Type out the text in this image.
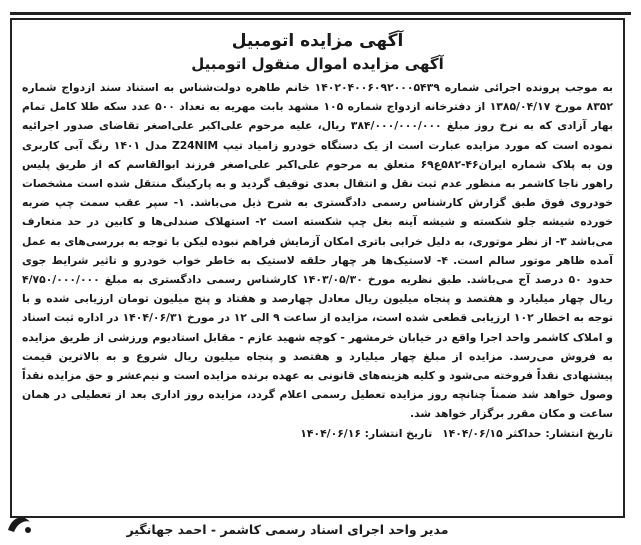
آگهی مزایده اتومبیل
آگهی مزایده اموال منقول اتومبیل

به موجب پرونده اجرائی شماره ۱۴۰۲۰۴۰۰۶۰۹۲۰۰۰۵۴۳۹ خانم طاهره دولت‌شناس به استناد سند ازدواج شماره ۸۳۵۲ مورخ ۱۳۸۵/۰۴/۱۷ از دفترخانه ازدواج شماره ۱۰۵ مشهد بابت مهریه به تعداد ۵۰۰ عدد سکه طلا کامل تمام بهار آزادی که به نرخ روز مبلغ ۳۸۴/۰۰۰/۰۰۰/۰۰۰ ریال، علیه مرحوم علی‌اکبر علی‌اصغر تقاضای صدور اجرائیه نموده است که مورد مزایده عبارت است از یک دستگاه خودرو زامیاد تیپ Z24NIM مدل ۱۴۰۱ رنگ آبی کاربری ون به پلاک شماره ایران۴۶-۵۸۲ع۶۹ متعلق به مرحوم علی‌اکبر علی‌اصغر فرزند ابوالقاسم که از طریق پلیس راهور ناجا کاشمر به منظور عدم ثبت نقل و انتقال بعدی توقیف گردید و به پارکینگ منتقل شده است مشخصات خودروی فوق طبق گزارش کارشناس رسمی دادگستری به شرح ذیل می‌باشد. ۱- سپر عقب سمت چپ ضربه خورده شیشه جلو شکسته و شیشه آینه بغل چپ شکسته است ۲- استهلاک صندلی‌ها و کابین در حد متعارف می‌باشد ۳- از نظر موتوری، به دلیل خرابی باتری امکان آزمایش فراهم نبوده لیکن با توجه به بررسی‌های به عمل آمده ظاهر موتور سالم است. ۴- لاستیک‌ها هر چهار حلقه لاستیک به خاطر خواب خودرو و تاثیر شرایط جوی حدود ۵۰ درصد آج می‌باشد. طبق نظریه مورخ ۱۴۰۳/۰۵/۳۰ کارشناس رسمی دادگستری به مبلغ ۴/۷۵۰/۰۰۰/۰۰۰ ریال چهار میلیارد و هفتصد و پنجاه میلیون ریال معادل چهارصد و هفتاد و پنج میلیون تومان ارزیابی شده و با توجه به اخطار ۱۰۲ ارزیابی قطعی شده است، مزایده از ساعت ۹ الی ۱۲ در مورخ ۱۴۰۴/۰۶/۳۱ در اداره ثبت اسناد و املاک کاشمر واحد اجرا واقع در خیابان خرمشهر - کوچه شهید عازم - مقابل استادیوم ورزشی از طریق مزایده به فروش می‌رسد. مزایده از مبلغ چهار میلیارد و هفتصد و پنجاه میلیون ریال شروع و به بالاترین قیمت پیشنهادی نقداً فروخته می‌شود و کلیه هزینه‌های قانونی به عهده برنده مزایده است و نیم‌عشر و حق مزایده نقداً وصول خواهد شد ضمناً چنانچه روز مزایده تعطیل رسمی اعلام گردد، مزایده روز اداری بعد از تعطیلی در همان ساعت و مکان مقرر برگزار خواهد شد.

تاریخ انتشار: حداکثر ۱۴۰۴/۰۶/۱۵ تاریخ انتشار: ۱۴۰۴/۰۶/۱۶

مدیر واحد اجرای اسناد رسمی کاشمر - احمد جهانگیر
